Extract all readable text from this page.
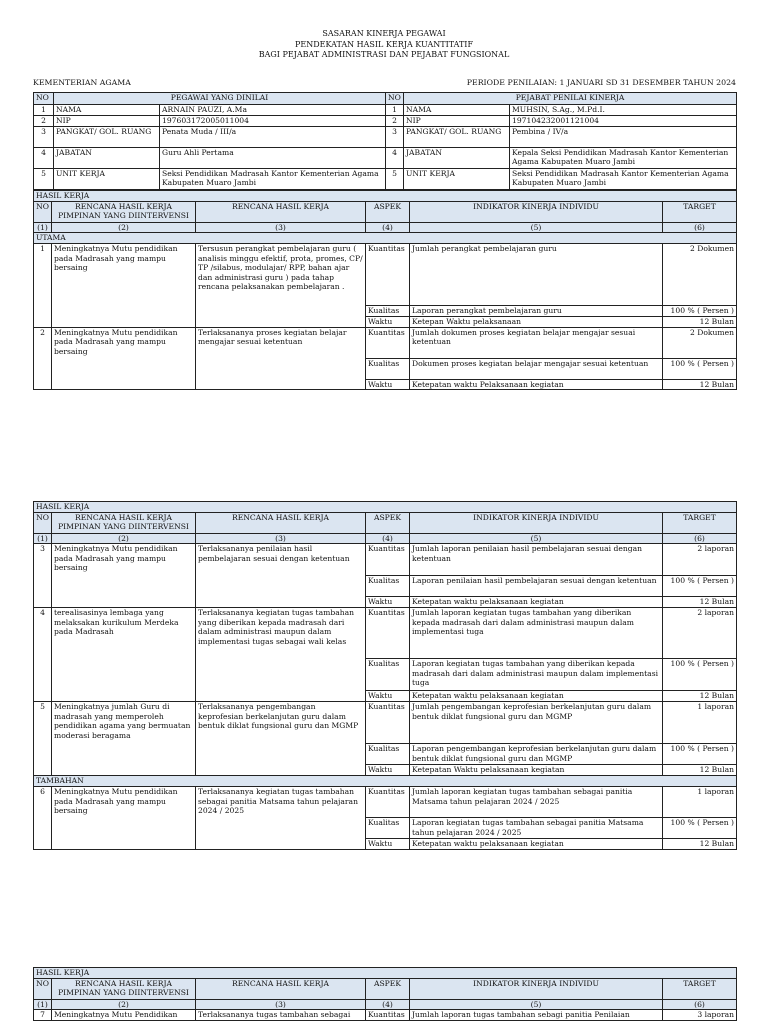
SASARAN KINERJA PEGAWAI
PENDEKATAN HASIL KERJA KUANTITATIF
BAGI PEJABAT ADMINISTRASI DAN PEJABAT FUNGSIONAL
KEMENTERIAN AGAMA	PERIODE PENILAIAN: 1 JANUARI SD 31 DESEMBER TAHUN 2024
NO	PEGAWAI YANG DINILAI		NO	PEJABAT PENILAI KINERJA	
1	NAMA	ARNAIN PAUZI, A.Ma	1	NAMA	MUHSIN, S.Ag., M.Pd.I.
2	NIP	197603172005011004	2	NIP	197104232001121004
3	PANGKAT/ GOL. RUANG	Penata Muda / III/a	3	PANGKAT/ GOL. RUANG	Pembina / IV/a
4	JABATAN	Guru Ahli Pertama	4	JABATAN	Kepala Seksi Pendidikan Madrasah Kantor Kementerian Agama Kabupaten Muaro Jambi
5	UNIT KERJA	Seksi Pendidikan Madrasah Kantor Kementerian Agama Kabupaten Muaro Jambi	5	UNIT KERJA	Seksi Pendidikan Madrasah Kantor Kementerian Agama Kabupaten Muaro Jambi
HASIL KERJA					
NO	RENCANA HASIL KERJA PIMPINAN YANG DIINTERVENSI	RENCANA HASIL KERJA	ASPEK	INDIKATOR KINERJA INDIVIDU	TARGET
(1)	(2)	(3)	(4)	(5)	(6)
UTAMA					
1	Meningkatnya Mutu pendidikan pada Madrasah yang mampu bersaing	Tersusun perangkat pembelajaran guru ( analisis minggu efektif, prota, promes, CP/ TP /silabus, modulajar/ RPP, bahan ajar dan administrasi guru ) pada tahap rencana pelaksanakan pembelajaran .	Kuantitas	Jumlah perangkat pembelajaran guru	2 Dokumen
			Kualitas	Laporan perangkat pembelajaran guru	100 % ( Persen )
			Waktu	Ketepan Waktu pelaksanaan	12 Bulan
2	Meningkatnya Mutu pendidikan pada Madrasah yang mampu bersaing	Terlaksananya proses kegiatan belajar mengajar sesuai ketentuan	Kuantitas	Jumlah dokumen proses kegiatan belajar mengajar sesuai ketentuan	2 Dokumen
			Kualitas	Dokumen proses kegiatan belajar mengajar sesuai ketentuan	100 % ( Persen )
			Waktu	Ketepatan waktu Pelaksanaan kegiatan	12 Bulan
HASIL KERJA					
NO	RENCANA HASIL KERJA PIMPINAN YANG DIINTERVENSI	RENCANA HASIL KERJA	ASPEK	INDIKATOR KINERJA INDIVIDU	TARGET
(1)	(2)	(3)	(4)	(5)	(6)
3	Meningkatnya Mutu pendidikan pada Madrasah yang mampu bersaing	Terlaksananya penilaian hasil pembelajaran sesuai dengan ketentuan	Kuantitas	Jumlah laporan penilaian hasil pembelajaran sesuai dengan ketentuan	2 laporan
			Kualitas	Laporan penilaian hasil pembelajaran sesuai dengan ketentuan	100 % ( Persen )
			Waktu	Ketepatan waktu pelaksanaan kegiatan	12 Bulan
4	terealisasinya lembaga yang melaksakan kurikulum Merdeka pada Madrasah	Terlaksananya kegiatan tugas tambahan yang diberikan kepada madrasah dari dalam administrasi maupun dalam implementasi tugas sebagai wali kelas	Kuantitas	Jumlah laporan kegiatan tugas tambahan yang diberikan kepada madrasah dari dalam administrasi maupun dalam implementasi tuga	2 laporan
			Kualitas	Laporan kegiatan tugas tambahan yang diberikan kepada madrasah dari dalam administrasi maupun dalam implementasi tuga	100 % ( Persen )
			Waktu	Ketepatan waktu pelaksanaan kegiatan	12 Bulan
5	Meningkatnya jumlah Guru di madrasah yang memperoleh pendidikan agama yang bermuatan moderasi beragama	Terlaksananya pengembangan keprofesian berkelanjutan guru dalam bentuk diklat fungsional guru dan MGMP	Kuantitas	Jumlah pengembangan keprofesian berkelanjutan guru dalam bentuk diklat fungsional guru dan MGMP	1 laporan
			Kualitas	Laporan pengembangan keprofesian berkelanjutan guru dalam bentuk diklat fungsional guru dan MGMP	100 % ( Persen )
			Waktu	Ketepatan Waktu pelaksanaan kegiatan	12 Bulan
TAMBAHAN					
6	Meningkatnya Mutu pendidikan pada Madrasah yang mampu bersaing	Terlaksananya kegiatan tugas tambahan sebagai panitia Matsama tahun pelajaran 2024 / 2025	Kuantitas	Jumlah laporan kegiatan tugas tambahan sebagai panitia Matsama tahun pelajaran 2024 / 2025	1 laporan
			Kualitas	Laporan kegiatan tugas tambahan sebagai panitia Matsama tahun pelajaran 2024 / 2025	100 % ( Persen )
			Waktu	Ketepatan waktu pelaksanaan kegiatan	12 Bulan
HASIL KERJA					
NO	RENCANA HASIL KERJA PIMPINAN YANG DIINTERVENSI	RENCANA HASIL KERJA	ASPEK	INDIKATOR KINERJA INDIVIDU	TARGET
(1)	(2)	(3)	(4)	(5)	(6)
7	Meningkatnya Mutu Pendidikan	Terlaksananya tugas tambahan sebagai	Kuantitas	Jumlah laporan tugas tambahan sebagi panitia Penilaian	3 laporan
